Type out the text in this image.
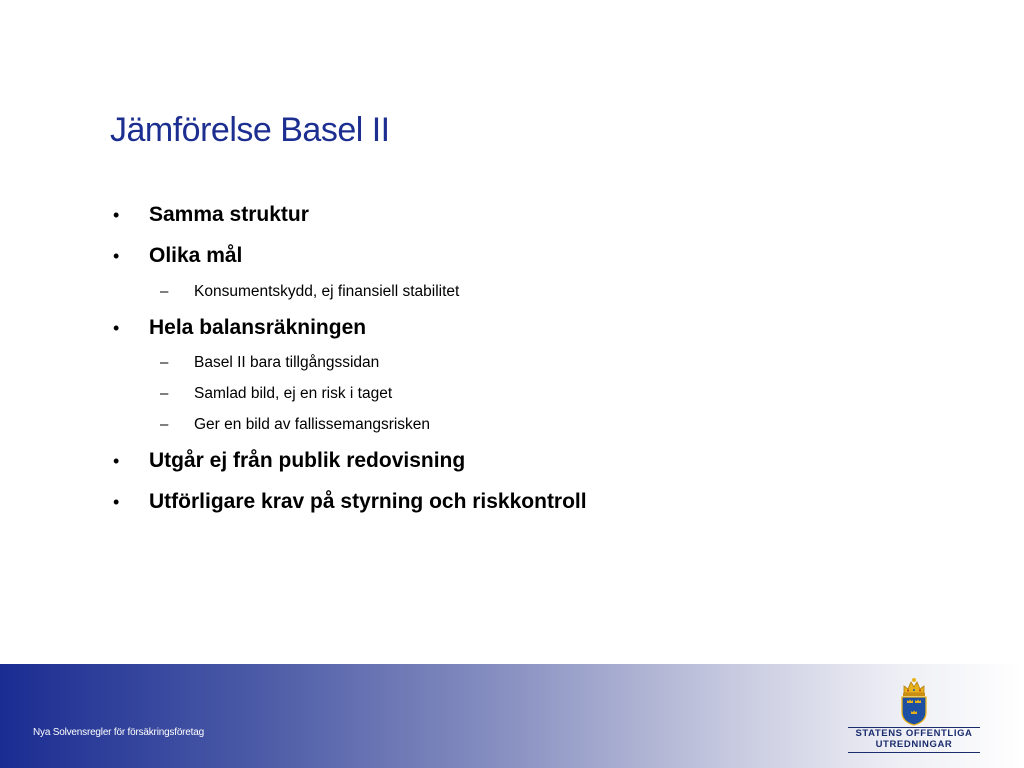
Jämförelse Basel II
• Samma struktur
• Olika mål
– Konsumentskydd, ej finansiell stabilitet
• Hela balansräkningen
– Basel II bara tillgångssidan
– Samlad bild, ej en risk i taget
– Ger en bild av fallissemangsrisken
• Utgår ej från publik redovisning
• Utförligare krav på styrning och riskkontroll
Nya Solvensregler för försäkringsföretag	STATENS OFFENTLIGA
UTREDNINGAR
